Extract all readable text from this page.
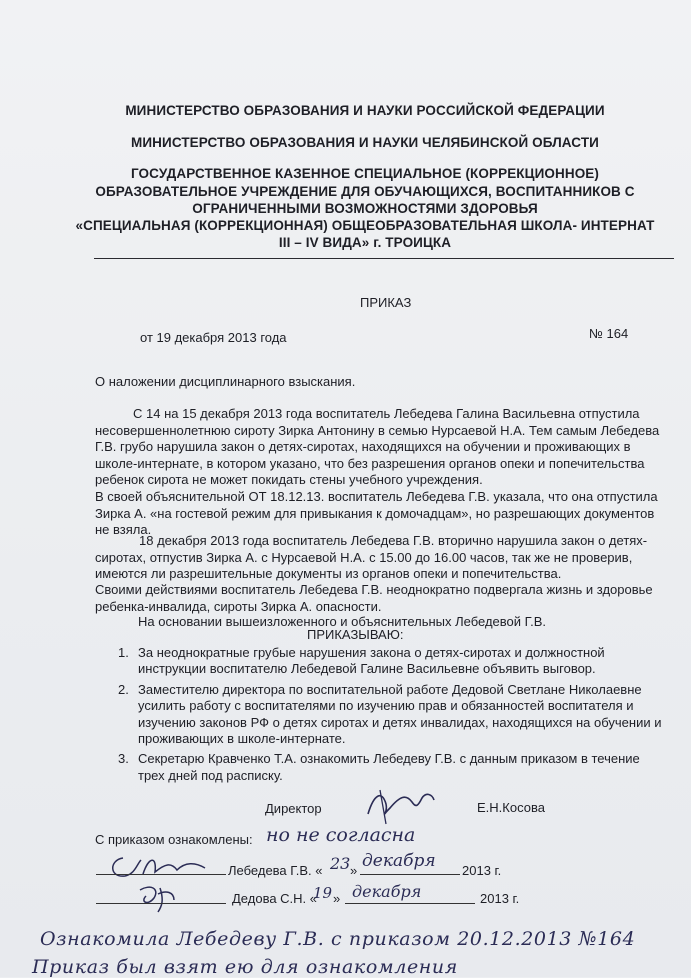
МИНИСТЕРСТВО ОБРАЗОВАНИЯ И НАУКИ РОССИЙСКОЙ ФЕДЕРАЦИИ
МИНИСТЕРСТВО ОБРАЗОВАНИЯ И НАУКИ ЧЕЛЯБИНСКОЙ ОБЛАСТИ
ГОСУДАРСТВЕННОЕ КАЗЕННОЕ СПЕЦИАЛЬНОЕ (КОРРЕКЦИОННОЕ)
ОБРАЗОВАТЕЛЬНОЕ УЧРЕЖДЕНИЕ ДЛЯ ОБУЧАЮЩИХСЯ, ВОСПИТАННИКОВ С
ОГРАНИЧЕННЫМИ ВОЗМОЖНОСТЯМИ ЗДОРОВЬЯ
«СПЕЦИАЛЬНАЯ (КОРРЕКЦИОННАЯ) ОБЩЕОБРАЗОВАТЕЛЬНАЯ ШКОЛА- ИНТЕРНАТ
III – IV ВИДА» г. ТРОИЦКА
ПРИКАЗ
от 19 декабря 2013 года	№ 164
О наложении дисциплинарного взыскания.
С 14 на 15 декабря 2013 года воспитатель Лебедева Галина Васильевна отпустила
несовершеннолетнюю сироту Зирка Антонину в семью Нурсаевой Н.А. Тем самым Лебедева
Г.В. грубо нарушила закон о детях-сиротах, находящихся на обучении и проживающих в
школе-интернате, в котором указано, что без разрешения органов опеки и попечительства
ребенок сирота не может покидать стены учебного учреждения.
В своей объяснительной ОТ 18.12.13. воспитатель Лебедева Г.В. указала, что она отпустила
Зирка А. «на гостевой режим для привыкания к домочадцам», но разрешающих документов
не взяла.
18 декабря 2013 года воспитатель Лебедева Г.В. вторично нарушила закон о детях-
сиротах, отпустив Зирка А. с Нурсаевой Н.А. с 15.00 до 16.00 часов, так же не проверив,
имеются ли разрешительные документы из органов опеки и попечительства.
Своими действиями воспитатель Лебедева Г.В. неоднократно подвергала жизнь и здоровье
ребенка-инвалида, сироты Зирка А. опасности.
На основании вышеизложенного и объяснительных Лебедевой Г.В.
ПРИКАЗЫВАЮ:
1. За неоднократные грубые нарушения закона о детях-сиротах и должностной
инструкции воспитателю Лебедевой Галине Васильевне объявить выговор.
2. Заместителю директора по воспитательной работе Дедовой Светлане Николаевне
усилить работу с воспитателями по изучению прав и обязанностей воспитателя и
изучению законов РФ о детях сиротах и детях инвалидах, находящихся на обучении и
проживающих в школе-интернате.
3. Секретарю Кравченко Т.А. ознакомить Лебедеву Г.В. с данным приказом в течение
трех дней под расписку.
Директор	Е.Н.Косова
С приказом ознакомлены: но не согласна
Лебедева Г.В. « 23 » декабря 2013 г.
Дедова С.Н. «
19 » декабря	2013 г.
Ознакомила Лебедеву Г.В. с приказом 20.12.2013 №164
Приказ был взят ею для ознакомления
